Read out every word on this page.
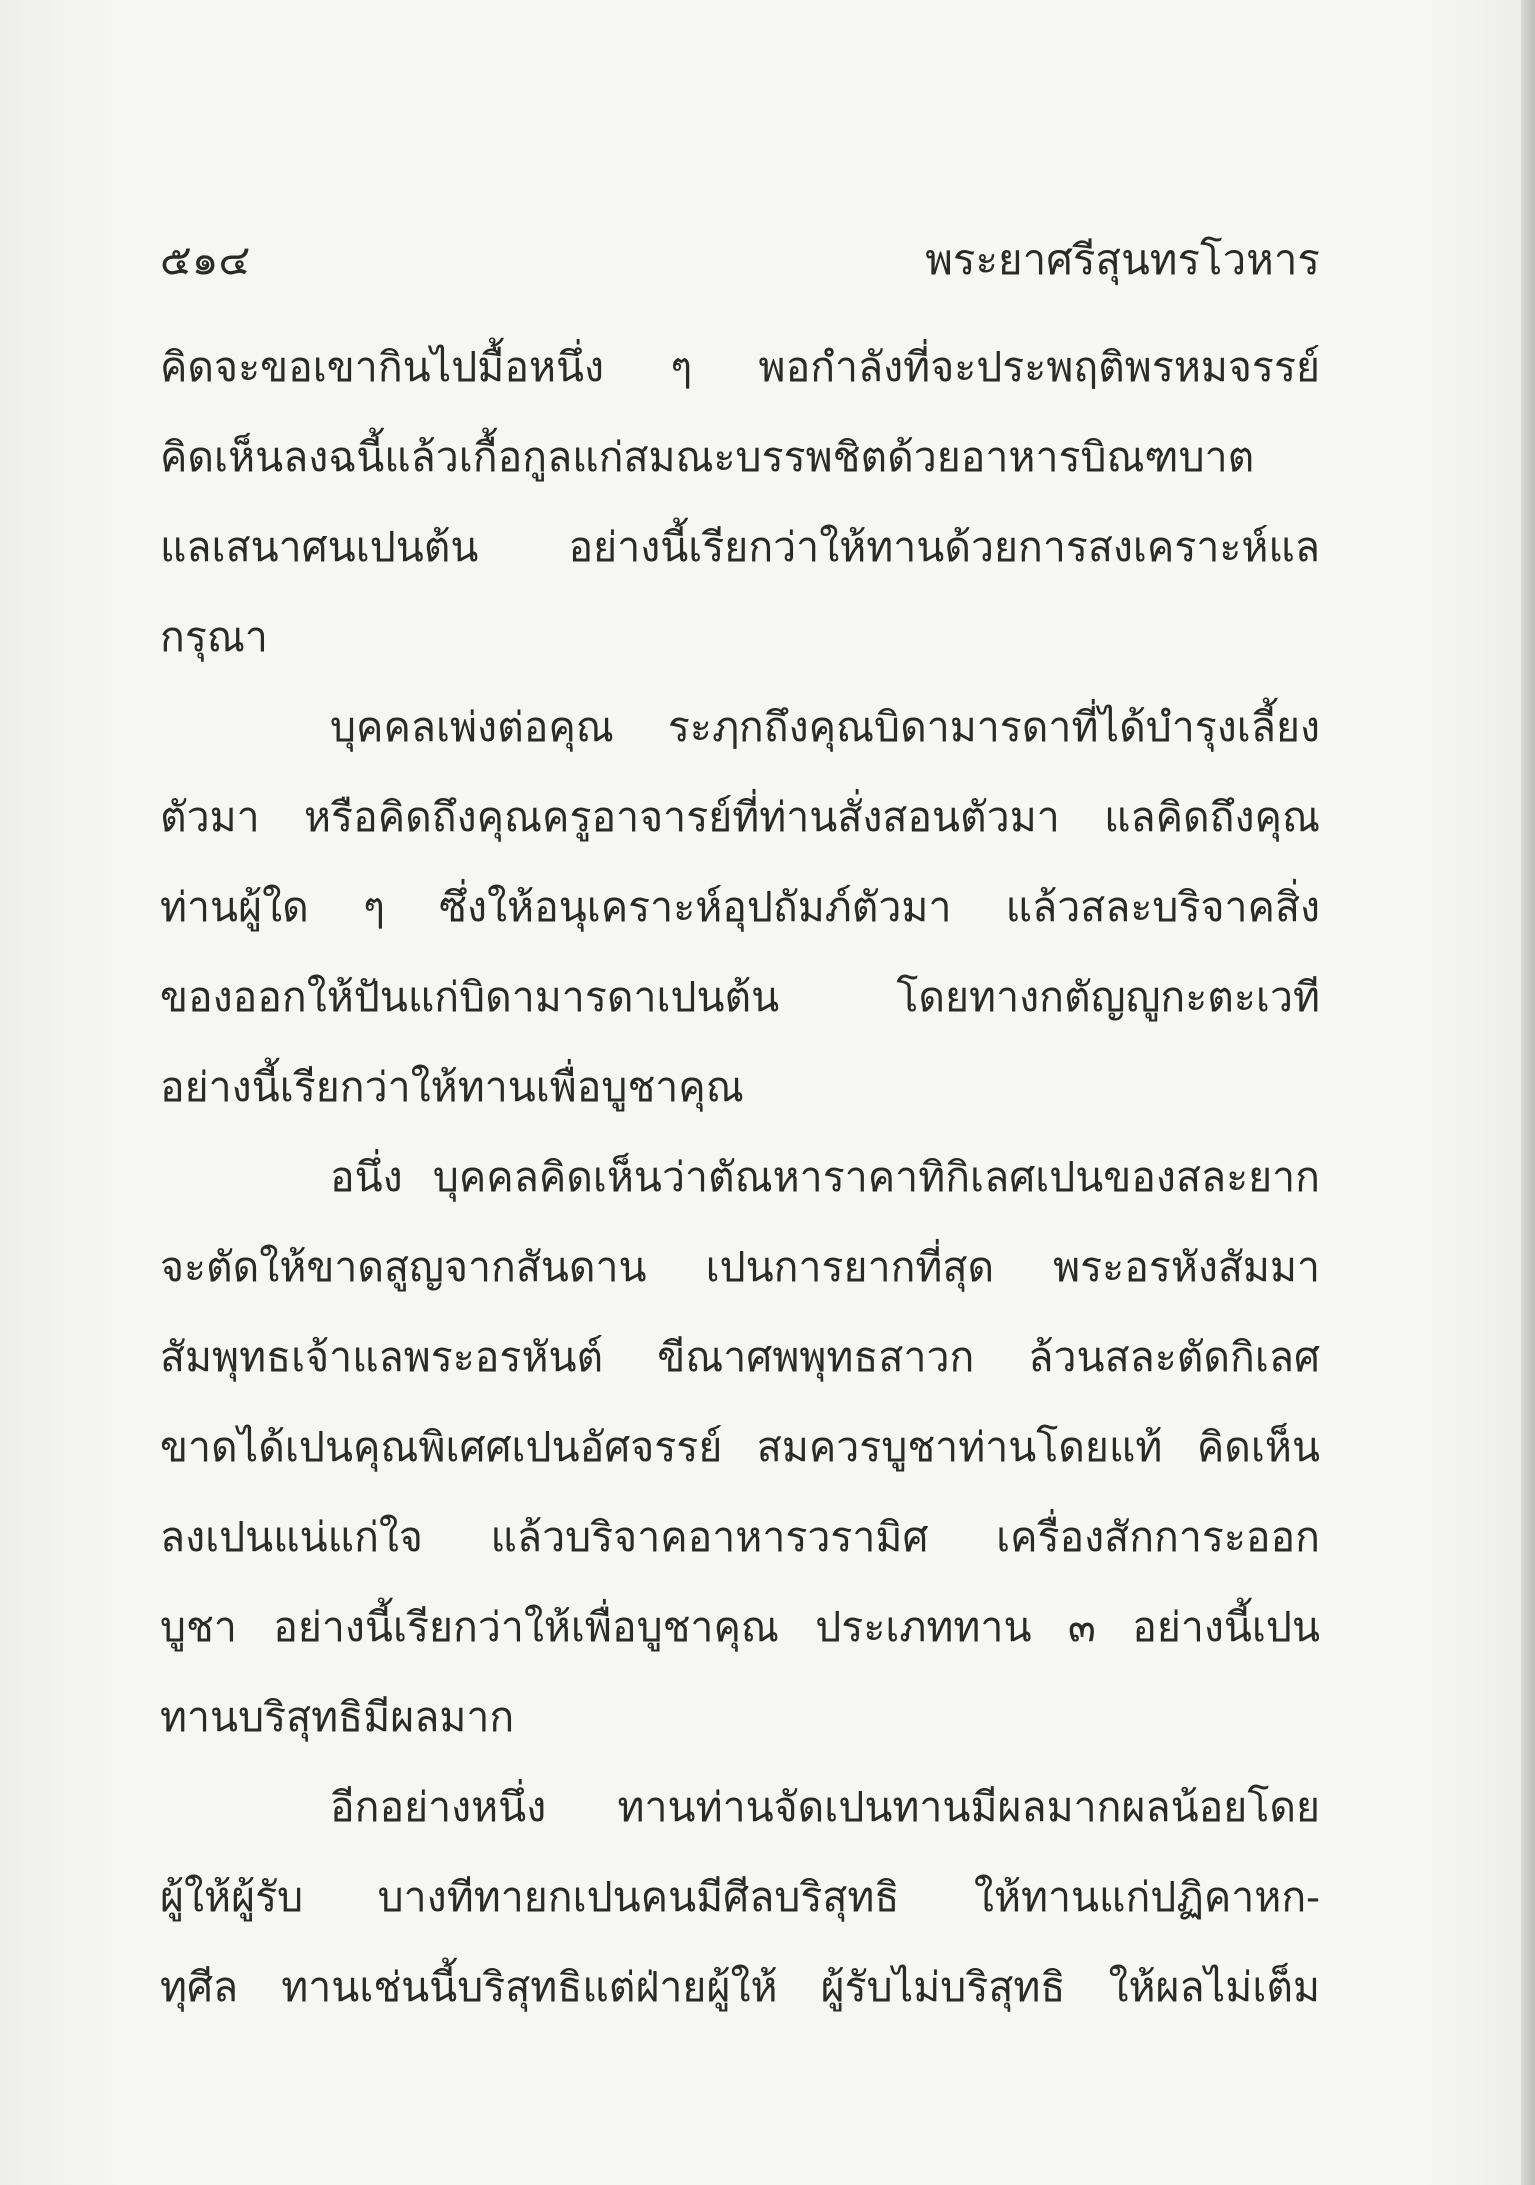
๕๑๔	พระยาศรีสุนทรโวหาร
คิดจะขอเขากินไปมื้อหนึ่ง ๆ พอกำลังที่จะประพฤติพรหมจรรย์
คิดเห็นลงฉนี้แล้วเกื้อกูลแก่สมณะบรรพชิตด้วยอาหารบิณฑบาต
แลเสนาศนเปนต้น อย่างนี้เรียกว่าให้ทานด้วยการสงเคราะห์แล
กรุณา
บุคคลเพ่งต่อคุณ ระฦกถึงคุณบิดามารดาที่ได้บำรุงเลี้ยง
ตัวมา หรือคิดถึงคุณครูอาจารย์ที่ท่านสั่งสอนตัวมา แลคิดถึงคุณ
ท่านผู้ใด ๆ ซึ่งให้อนุเคราะห์อุปถัมภ์ตัวมา แล้วสละบริจาคสิ่ง
ของออกให้ปันแก่บิดามารดาเปนต้น โดยทางกตัญญูกะตะเวที
อย่างนี้เรียกว่าให้ทานเพื่อบูชาคุณ
อนึ่ง บุคคลคิดเห็นว่าตัณหาราคาทิกิเลศเปนของสละยาก
จะตัดให้ขาดสูญจากสันดาน เปนการยากที่สุด พระอรหังสัมมา
สัมพุทธเจ้าแลพระอรหันต์ ขีณาศพพุทธสาวก ล้วนสละตัดกิเลศ
ขาดได้เปนคุณพิเศศเปนอัศจรรย์ สมควรบูชาท่านโดยแท้ คิดเห็น
ลงเปนแน่แก่ใจ แล้วบริจาคอาหารวรามิศ เครื่องสักการะออก
บูชา อย่างนี้เรียกว่าให้เพื่อบูชาคุณ ประเภททาน ๓ อย่างนี้เปน
ทานบริสุทธิมีผลมาก
อีกอย่างหนึ่ง ทานท่านจัดเปนทานมีผลมากผลน้อยโดย
ผู้ให้ผู้รับ บางทีทายกเปนคนมีศีลบริสุทธิ ให้ทานแก่ปฏิคาหก-
ทุศีล ทานเช่นนี้บริสุทธิแต่ฝ่ายผู้ให้ ผู้รับไม่บริสุทธิ ให้ผลไม่เต็ม
